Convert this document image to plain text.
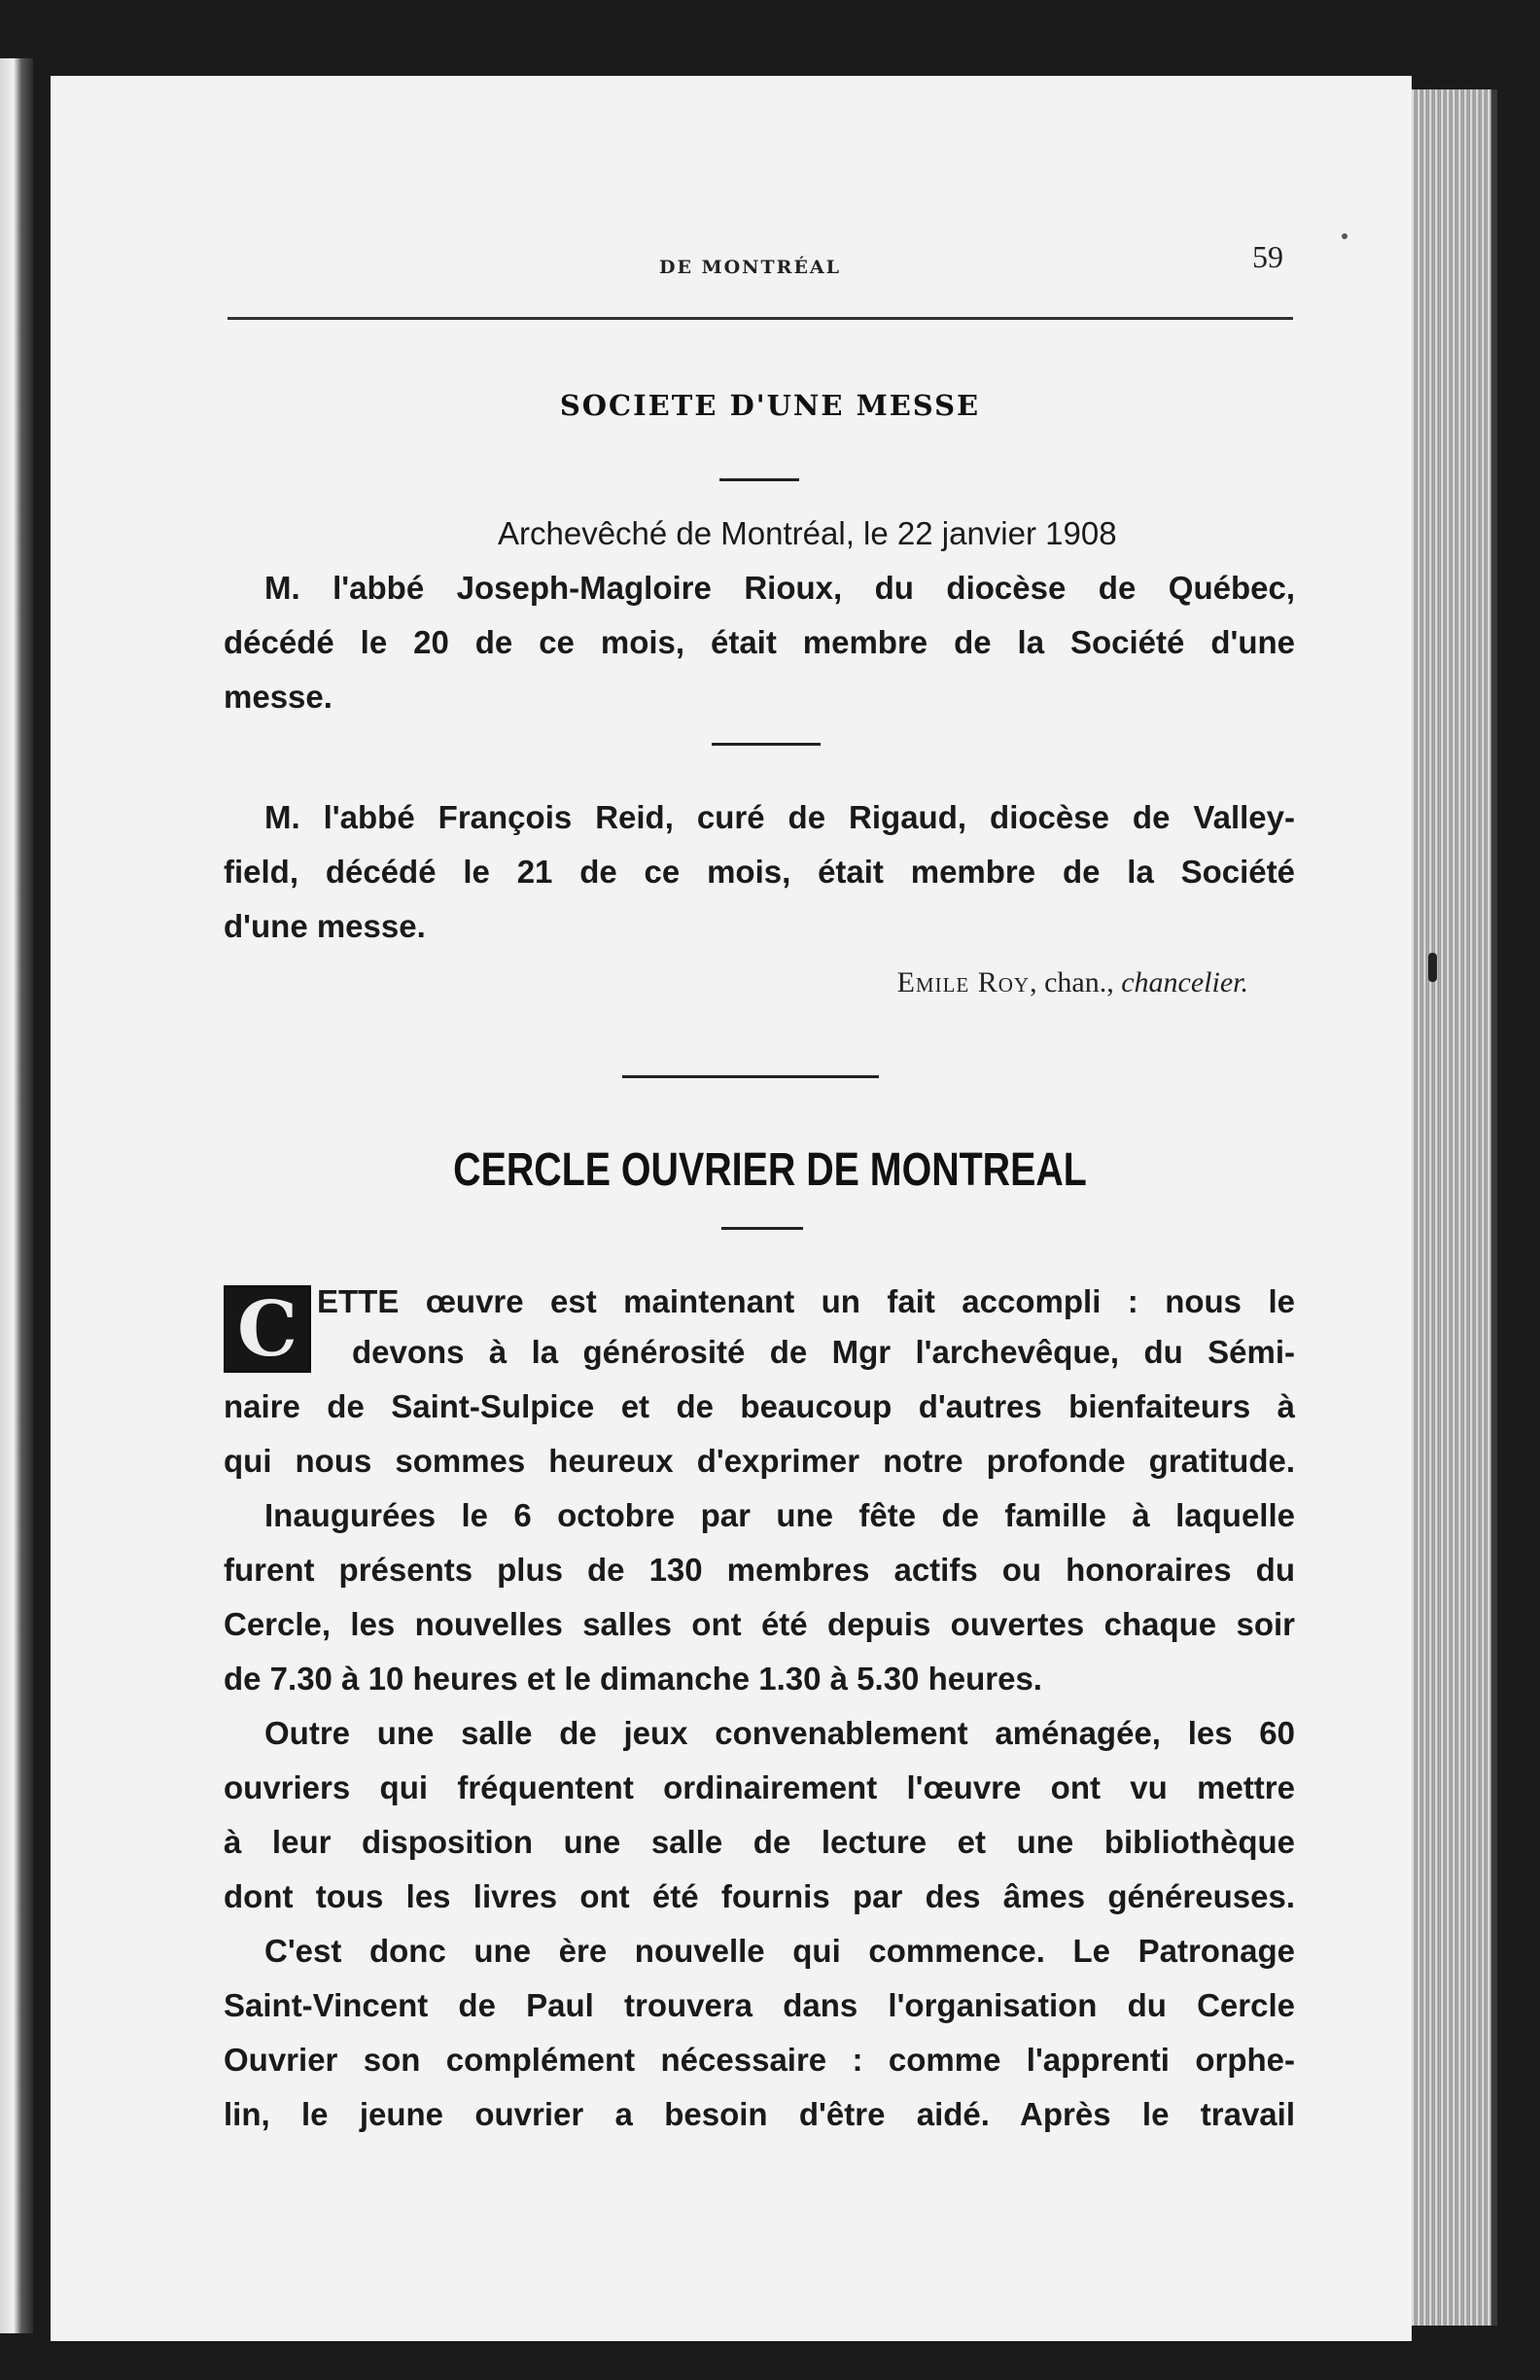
DE MONTRÉAL	59
SOCIETE D'UNE MESSE
Archevêché de Montréal, le 22 janvier 1908
M. l'abbé Joseph-Magloire Rioux, du diocèse de Québec,
décédé le 20 de ce mois, était membre de la Société d'une
messe.
M. l'abbé François Reid, curé de Rigaud, diocèse de Valley-
field, décédé le 21 de ce mois, était membre de la Société
d'une messe.
Emile Roy, chan., chancelier.
CERCLE OUVRIER DE MONTREAL
C ETTE œuvre est maintenant un fait accompli : nous le
devons à la générosité de Mgr l'archevêque, du Sémi-
naire de Saint-Sulpice et de beaucoup d'autres bienfaiteurs à
qui nous sommes heureux d'exprimer notre profonde gratitude.
Inaugurées le 6 octobre par une fête de famille à laquelle
furent présents plus de 130 membres actifs ou honoraires du
Cercle, les nouvelles salles ont été depuis ouvertes chaque soir
de 7.30 à 10 heures et le dimanche 1.30 à 5.30 heures.
Outre une salle de jeux convenablement aménagée, les 60
ouvriers qui fréquentent ordinairement l'œuvre ont vu mettre
à leur disposition une salle de lecture et une bibliothèque
dont tous les livres ont été fournis par des âmes généreuses.
C'est donc une ère nouvelle qui commence. Le Patronage
Saint-Vincent de Paul trouvera dans l'organisation du Cercle
Ouvrier son complément nécessaire : comme l'apprenti orphe-
lin, le jeune ouvrier a besoin d'être aidé. Après le travail
